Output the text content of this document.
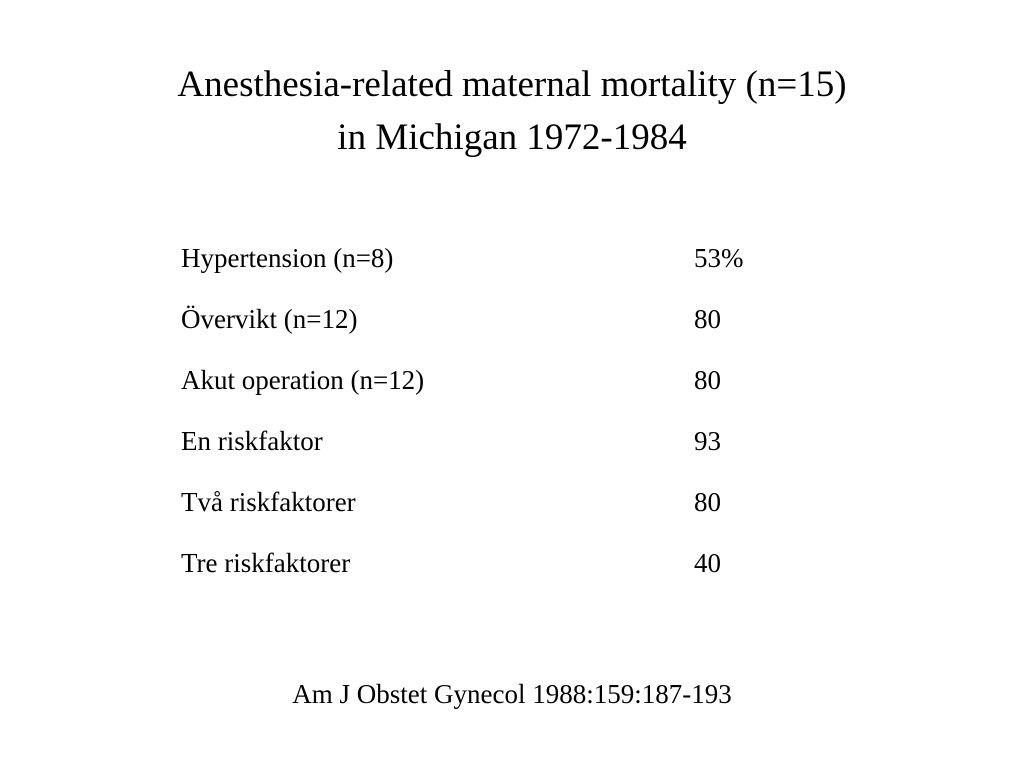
Anesthesia-related maternal mortality (n=15)
in Michigan 1972-1984
Hypertension (n=8)	53%
Övervikt (n=12)	80
Akut operation (n=12)	80
En riskfaktor	93
Två riskfaktorer	80
Tre riskfaktorer	40
Am J Obstet Gynecol 1988:159:187-193
